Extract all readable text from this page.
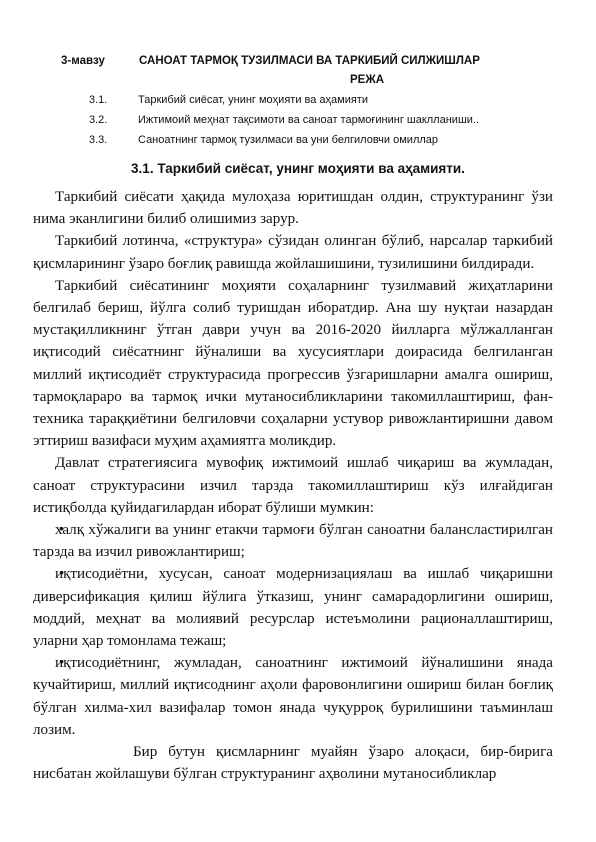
3-мавзу	САНОАТ ТАРМОҚ ТУЗИЛМАСИ ВА ТАРКИБИЙ СИЛЖИШЛАР
РЕЖА
3.1.	Таркибий сиёсат, унинг моҳияти ва аҳамияти
3.2.	Ижтимоий меҳнат тақсимоти ва саноат тармоғининг шаклланиши..
3.3.	Саноатнинг тармоқ тузилмаси ва уни белгиловчи омиллар
3.1. Таркибий сиёсат, унинг моҳияти ва аҳамияти.

Таркибий сиёсати ҳақида мулоҳаза юритишдан олдин, структуранинг ўзи нима эканлигини билиб олишимиз зарур.

Таркибий лотинча, «структура» сўзидан олинган бўлиб, нарсалар таркибий қисмларининг ўзаро боғлиқ равишда жойлашишини, тузилишини билдиради.

Таркибий сиёсатининг моҳияти соҳаларнинг тузилмавий жиҳатларини белгилаб бериш, йўлга солиб туришдан иборатдир. Ана шу нуқтаи назардан мустақилликнинг ўтган даври учун ва 2016-2020 йилларга мўлжалланган иқтисодий сиёсатнинг йўналиши ва хусусиятлари доирасида белгиланган миллий иқтисодиёт структурасида прогрессив ўзгаришларни амалга ошириш, тармоқлараро ва тармоқ ички мутаносибликларини такомиллаштириш, фан-техника тараққиётини белгиловчи соҳаларни устувор ривожлантиришни давом эттириш вазифаси муҳим аҳамиятга моликдир.

Давлат стратегиясига мувофиқ ижтимоий ишлаб чиқариш ва жумладан, саноат структурасини изчил тарзда такомиллаштириш кўз илғайдиган истиқболда қуйидагилардан иборат бўлиши мумкин:

• халқ хўжалиги ва унинг етакчи тармоғи бўлган саноатни балансластирилган тарзда ва изчил ривожлантириш;

• иқтисодиётни, хусусан, саноат модернизациялаш ва ишлаб чиқаришни диверсификация қилиш йўлига ўтказиш, унинг самарадорлигини ошириш, моддий, меҳнат ва молиявий ресурслар истеъмолини рационаллаштириш, уларни ҳар томонлама тежаш;

• иқтисодиётнинг, жумладан, саноатнинг ижтимоий йўналишини янада кучайтириш, миллий иқтисоднинг аҳоли фаровонлигини ошириш билан боғлиқ бўлган хилма-хил вазифалар томон янада чуқурроқ бурилишини таъминлаш лозим.

Бир бутун қисмларнинг муайян ўзаро алоқаси, бир-бирига нисбатан жойлашуви бўлган структуранинг аҳволини мутаносибликлар
